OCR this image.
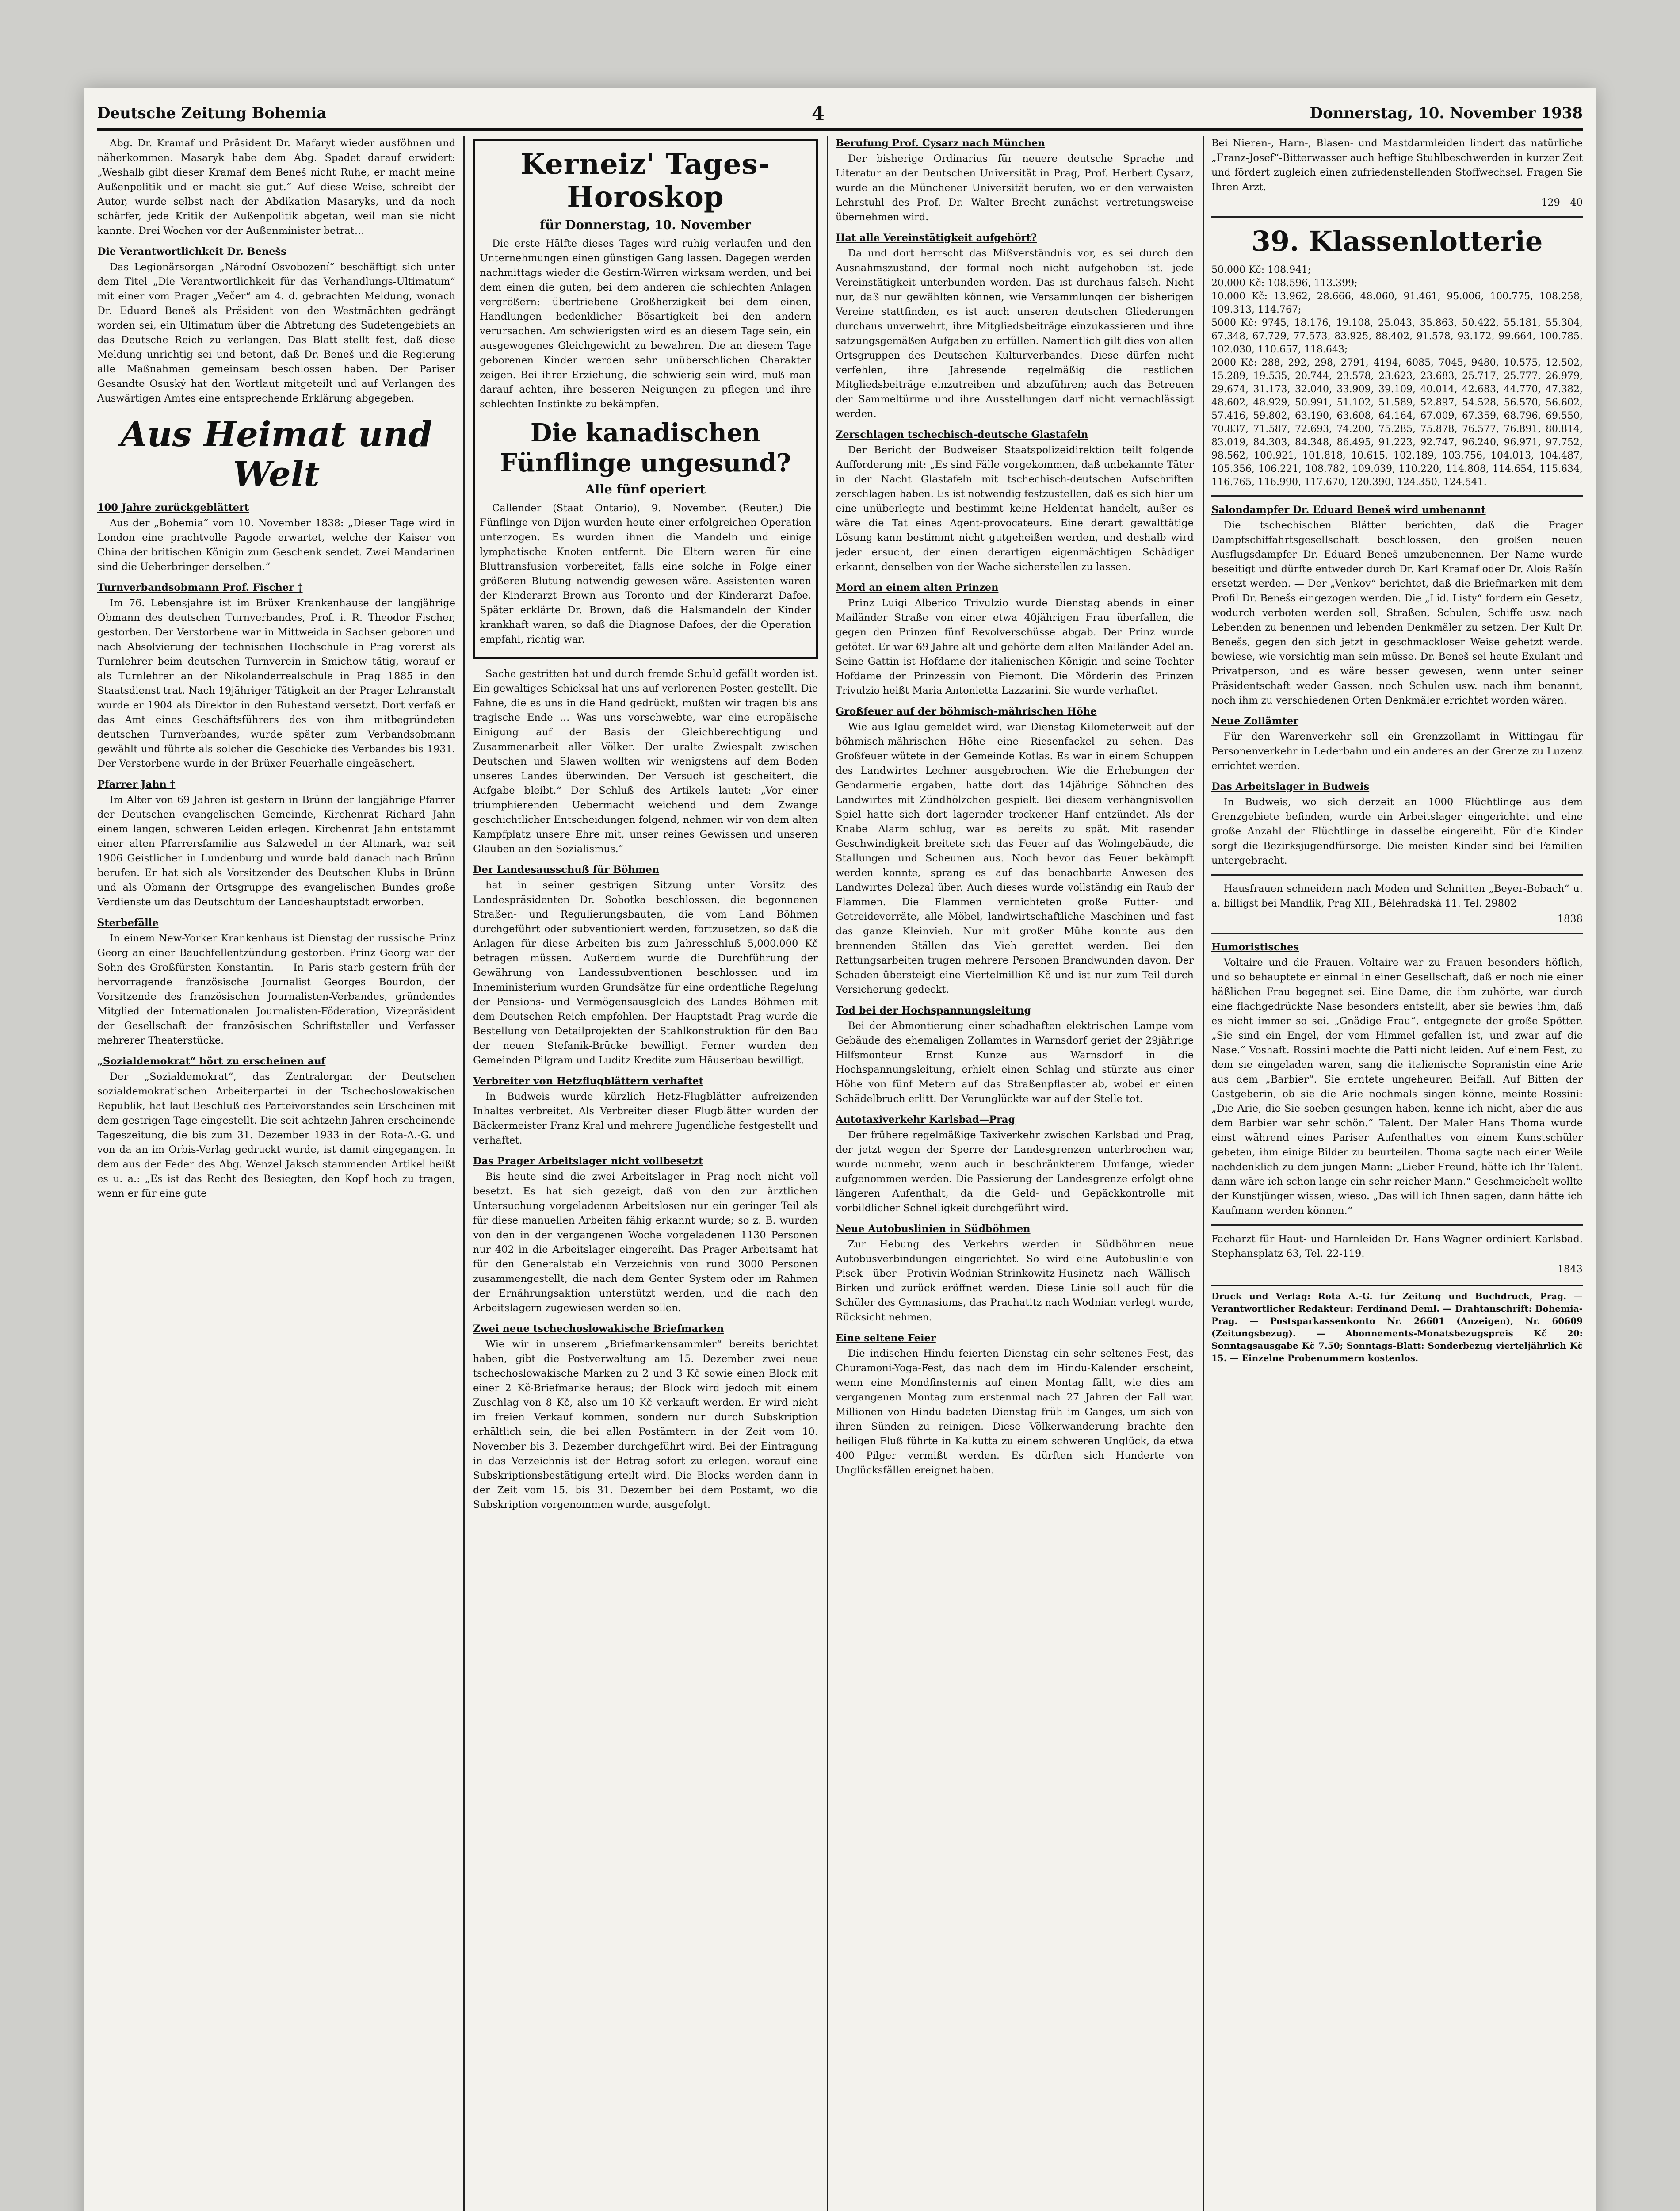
Deutsche Zeitung Bohemia	4	Donnerstag, 10. November 1938

Abg. Dr. Kramaf und Präsident Dr. Mafaryt wieder ausföhnen und näherkommen. Masaryk habe dem Abg. Spadet darauf erwidert: „Weshalb gibt dieser Kramaf dem Beneš nicht Ruhe, er macht meine Außenpolitik und er macht sie gut.“ Auf diese Weise, schreibt der Autor, wurde selbst nach der Abdikation Masaryks, und da noch schärfer, jede Kritik der Außenpolitik abgetan, weil man sie nicht kannte. Drei Wochen vor der Außenminister betrat…

Die Verantwortlichkeit Dr. Benešs

Das Legionärsorgan „Národní Osvobození“ beschäftigt sich unter dem Titel „Die Verantwortlichkeit für das Verhandlungs-Ultimatum“ mit einer vom Prager „Večer“ am 4. d. gebrachten Meldung, wonach Dr. Eduard Beneš als Präsident von den Westmächten gedrängt worden sei, ein Ultimatum über die Abtretung des Sudetengebiets an das Deutsche Reich zu verlangen. Das Blatt stellt fest, daß diese Meldung unrichtig sei und betont, daß Dr. Beneš und die Regierung alle Maßnahmen gemeinsam beschlossen haben. Der Pariser Gesandte Osuský hat den Wortlaut mitgeteilt und auf Verlangen des Auswärtigen Amtes eine entsprechende Erklärung abgegeben.

Aus Heimat und Welt

100 Jahre zurückgeblättert

Aus der „Bohemia“ vom 10. November 1838: „Dieser Tage wird in London eine prachtvolle Pagode erwartet, welche der Kaiser von China der britischen Königin zum Geschenk sendet. Zwei Mandarinen sind die Ueberbringer derselben.“

Turnverbandsobmann Prof. Fischer †

Im 76. Lebensjahre ist im Brüxer Krankenhause der langjährige Obmann des deutschen Turnverbandes, Prof. i. R. Theodor Fischer, gestorben. Der Verstorbene war in Mittweida in Sachsen geboren und nach Absolvierung der technischen Hochschule in Prag vorerst als Turnlehrer beim deutschen Turnverein in Smichow tätig, worauf er als Turnlehrer an der Nikolanderrealschule in Prag 1885 in den Staatsdienst trat. Nach 19jähriger Tätigkeit an der Prager Lehranstalt wurde er 1904 als Direktor in den Ruhestand versetzt. Dort verfaß er das Amt eines Geschäftsführers des von ihm mitbegründeten deutschen Turnverbandes, wurde später zum Verbandsobmann gewählt und führte als solcher die Geschicke des Verbandes bis 1931. Der Verstorbene wurde in der Brüxer Feuerhalle eingeäschert.

Pfarrer Jahn †

Im Alter von 69 Jahren ist gestern in Brünn der langjährige Pfarrer der Deutschen evangelischen Gemeinde, Kirchenrat Richard Jahn einem langen, schweren Leiden erlegen. Kirchenrat Jahn entstammt einer alten Pfarrersfamilie aus Salzwedel in der Altmark, war seit 1906 Geistlicher in Lundenburg und wurde bald danach nach Brünn berufen. Er hat sich als Vorsitzender des Deutschen Klubs in Brünn und als Obmann der Ortsgruppe des evangelischen Bundes große Verdienste um das Deutschtum der Landeshauptstadt erworben.

Sterbefälle

In einem New-Yorker Krankenhaus ist Dienstag der russische Prinz Georg an einer Bauchfellentzündung gestorben. Prinz Georg war der Sohn des Großfürsten Konstantin. — In Paris starb gestern früh der hervorragende französische Journalist Georges Bourdon, der Vorsitzende des französischen Journalisten-Verbandes, gründendes Mitglied der Internationalen Journalisten-Föderation, Vizepräsident der Gesellschaft der französischen Schriftsteller und Verfasser mehrerer Theaterstücke.

„Sozialdemokrat“ hört zu erscheinen auf

Der „Sozialdemokrat“, das Zentralorgan der Deutschen sozialdemokratischen Arbeiterpartei in der Tschechoslowakischen Republik, hat laut Beschluß des Parteivorstandes sein Erscheinen mit dem gestrigen Tage eingestellt. Die seit achtzehn Jahren erscheinende Tageszeitung, die bis zum 31. Dezember 1933 in der Rota-A.-G. und von da an im Orbis-Verlag gedruckt wurde, ist damit eingegangen. In dem aus der Feder des Abg. Wenzel Jaksch stammenden Artikel heißt es u. a.: „Es ist das Recht des Besiegten, den Kopf hoch zu tragen, wenn er für eine gute

Kerneiz' Tages-Horoskop
für Donnerstag, 10. November

Die erste Hälfte dieses Tages wird ruhig verlaufen und den Unternehmungen einen günstigen Gang lassen. Dagegen werden nachmittags wieder die Gestirn-Wirren wirksam werden, und bei dem einen die guten, bei dem anderen die schlechten Anlagen vergrößern: übertriebene Großherzigkeit bei dem einen, Handlungen bedenklicher Bösartigkeit bei den andern verursachen. Am schwierigsten wird es an diesem Tage sein, ein ausgewogenes Gleichgewicht zu bewahren. Die an diesem Tage geborenen Kinder werden sehr unüberschlichen Charakter zeigen. Bei ihrer Erziehung, die schwierig sein wird, muß man darauf achten, ihre besseren Neigungen zu pflegen und ihre schlechten Instinkte zu bekämpfen.

Die kanadischen Fünflinge ungesund?
Alle fünf operiert

Callender (Staat Ontario), 9. November. (Reuter.) Die Fünflinge von Dijon wurden heute einer erfolgreichen Operation unterzogen. Es wurden ihnen die Mandeln und einige lymphatische Knoten entfernt. Die Eltern waren für eine Bluttransfusion vorbereitet, falls eine solche in Folge einer größeren Blutung notwendig gewesen wäre. Assistenten waren der Kinderarzt Brown aus Toronto und der Kinderarzt Dafoe. Später erklärte Dr. Brown, daß die Halsmandeln der Kinder krankhaft waren, so daß die Diagnose Dafoes, der die Operation empfahl, richtig war.

Sache gestritten hat und durch fremde Schuld gefällt worden ist. Ein gewaltiges Schicksal hat uns auf verlorenen Posten gestellt. Die Fahne, die es uns in die Hand gedrückt, mußten wir tragen bis ans tragische Ende … Was uns vorschwebte, war eine europäische Einigung auf der Basis der Gleichberechtigung und Zusammenarbeit aller Völker. Der uralte Zwiespalt zwischen Deutschen und Slawen wollten wir wenigstens auf dem Boden unseres Landes überwinden. Der Versuch ist gescheitert, die Aufgabe bleibt.“ Der Schluß des Artikels lautet: „Vor einer triumphierenden Uebermacht weichend und dem Zwange geschichtlicher Entscheidungen folgend, nehmen wir von dem alten Kampfplatz unsere Ehre mit, unser reines Gewissen und unseren Glauben an den Sozialismus.“

Der Landesausschuß für Böhmen

hat in seiner gestrigen Sitzung unter Vorsitz des Landespräsidenten Dr. Sobotka beschlossen, die begonnenen Straßen- und Regulierungsbauten, die vom Land Böhmen durchgeführt oder subventioniert werden, fortzusetzen, so daß die Anlagen für diese Arbeiten bis zum Jahresschluß 5,000.000 Kč betragen müssen. Außerdem wurde die Durchführung der Gewährung von Landessubventionen beschlossen und im Inneministerium wurden Grundsätze für eine ordentliche Regelung der Pensions- und Vermögensausgleich des Landes Böhmen mit dem Deutschen Reich empfohlen. Der Hauptstadt Prag wurde die Bestellung von Detailprojekten der Stahlkonstruktion für den Bau der neuen Stefanik-Brücke bewilligt. Ferner wurden den Gemeinden Pilgram und Luditz Kredite zum Häuserbau bewilligt.

Verbreiter von Hetzflugblättern verhaftet

In Budweis wurde kürzlich Hetz-Flugblätter aufreizenden Inhaltes verbreitet. Als Verbreiter dieser Flugblätter wurden der Bäckermeister Franz Kral und mehrere Jugendliche festgestellt und verhaftet.

Das Prager Arbeitslager nicht vollbesetzt

Bis heute sind die zwei Arbeitslager in Prag noch nicht voll besetzt. Es hat sich gezeigt, daß von den zur ärztlichen Untersuchung vorgeladenen Arbeitslosen nur ein geringer Teil als für diese manuellen Arbeiten fähig erkannt wurde; so z. B. wurden von den in der vergangenen Woche vorgeladenen 1130 Personen nur 402 in die Arbeitslager eingereiht. Das Prager Arbeitsamt hat für den Generalstab ein Verzeichnis von rund 3000 Personen zusammengestellt, die nach dem Genter System oder im Rahmen der Ernährungsaktion unterstützt werden, und die nach den Arbeitslagern zugewiesen werden sollen.

Zwei neue tschechoslowakische Briefmarken

Wie wir in unserem „Briefmarkensammler“ bereits berichtet haben, gibt die Postverwaltung am 15. Dezember zwei neue tschechoslowakische Marken zu 2 und 3 Kč sowie einen Block mit einer 2 Kč-Briefmarke heraus; der Block wird jedoch mit einem Zuschlag von 8 Kč, also um 10 Kč verkauft werden. Er wird nicht im freien Verkauf kommen, sondern nur durch Subskription erhältlich sein, die bei allen Postämtern in der Zeit vom 10. November bis 3. Dezember durchgeführt wird. Bei der Eintragung in das Verzeichnis ist der Betrag sofort zu erlegen, worauf eine Subskriptionsbestätigung erteilt wird. Die Blocks werden dann in der Zeit vom 15. bis 31. Dezember bei dem Postamt, wo die Subskription vorgenommen wurde, ausgefolgt.

Berufung Prof. Cysarz nach München

Der bisherige Ordinarius für neuere deutsche Sprache und Literatur an der Deutschen Universität in Prag, Prof. Herbert Cysarz, wurde an die Münchener Universität berufen, wo er den verwaisten Lehrstuhl des Prof. Dr. Walter Brecht zunächst vertretungsweise übernehmen wird.

Hat alle Vereinstätigkeit aufgehört?

Da und dort herrscht das Mißverständnis vor, es sei durch den Ausnahmszustand, der formal noch nicht aufgehoben ist, jede Vereinstätigkeit unterbunden worden. Das ist durchaus falsch. Nicht nur, daß nur gewählten können, wie Versammlungen der bisherigen Vereine stattfinden, es ist auch unseren deutschen Gliederungen durchaus unverwehrt, ihre Mitgliedsbeiträge einzukassieren und ihre satzungsgemäßen Aufgaben zu erfüllen. Namentlich gilt dies von allen Ortsgruppen des Deutschen Kulturverbandes. Diese dürfen nicht verfehlen, ihre Jahresende regelmäßig die restlichen Mitgliedsbeiträge einzutreiben und abzuführen; auch das Betreuen der Sammeltürme und ihre Ausstellungen darf nicht vernachlässigt werden.

Zerschlagen tschechisch-deutsche Glastafeln

Der Bericht der Budweiser Staatspolizeidirektion teilt folgende Aufforderung mit: „Es sind Fälle vorgekommen, daß unbekannte Täter in der Nacht Glastafeln mit tschechisch-deutschen Aufschriften zerschlagen haben. Es ist notwendig festzustellen, daß es sich hier um eine unüberlegte und bestimmt keine Heldentat handelt, außer es wäre die Tat eines Agent-provocateurs. Eine derart gewalttätige Lösung kann bestimmt nicht gutgeheißen werden, und deshalb wird jeder ersucht, der einen derartigen eigenmächtigen Schädiger erkannt, denselben von der Wache sicherstellen zu lassen.

Mord an einem alten Prinzen

Prinz Luigi Alberico Trivulzio wurde Dienstag abends in einer Mailänder Straße von einer etwa 40jährigen Frau überfallen, die gegen den Prinzen fünf Revolverschüsse abgab. Der Prinz wurde getötet. Er war 69 Jahre alt und gehörte dem alten Mailänder Adel an. Seine Gattin ist Hofdame der italienischen Königin und seine Tochter Hofdame der Prinzessin von Piemont. Die Mörderin des Prinzen Trivulzio heißt Maria Antonietta Lazzarini. Sie wurde verhaftet.

Großfeuer auf der böhmisch-mährischen Höhe

Wie aus Iglau gemeldet wird, war Dienstag Kilometerweit auf der böhmisch-mährischen Höhe eine Riesenfackel zu sehen. Das Großfeuer wütete in der Gemeinde Kotlas. Es war in einem Schuppen des Landwirtes Lechner ausgebrochen. Wie die Erhebungen der Gendarmerie ergaben, hatte dort das 14jährige Söhnchen des Landwirtes mit Zündhölzchen gespielt. Bei diesem verhängnisvollen Spiel hatte sich dort lagernder trockener Hanf entzündet. Als der Knabe Alarm schlug, war es bereits zu spät. Mit rasender Geschwindigkeit breitete sich das Feuer auf das Wohngebäude, die Stallungen und Scheunen aus. Noch bevor das Feuer bekämpft werden konnte, sprang es auf das benachbarte Anwesen des Landwirtes Dolezal über. Auch dieses wurde vollständig ein Raub der Flammen. Die Flammen vernichteten große Futter- und Getreidevorräte, alle Möbel, landwirtschaftliche Maschinen und fast das ganze Kleinvieh. Nur mit großer Mühe konnte aus den brennenden Ställen das Vieh gerettet werden. Bei den Rettungsarbeiten trugen mehrere Personen Brandwunden davon. Der Schaden übersteigt eine Viertelmillion Kč und ist nur zum Teil durch Versicherung gedeckt.

Tod bei der Hochspannungsleitung

Bei der Abmontierung einer schadhaften elektrischen Lampe vom Gebäude des ehemaligen Zollamtes in Warnsdorf geriet der 29jährige Hilfsmonteur Ernst Kunze aus Warnsdorf in die Hochspannungsleitung, erhielt einen Schlag und stürzte aus einer Höhe von fünf Metern auf das Straßenpflaster ab, wobei er einen Schädelbruch erlitt. Der Verunglückte war auf der Stelle tot.

Autotaxiverkehr Karlsbad—Prag

Der frühere regelmäßige Taxiverkehr zwischen Karlsbad und Prag, der jetzt wegen der Sperre der Landesgrenzen unterbrochen war, wurde nunmehr, wenn auch in beschränkterem Umfange, wieder aufgenommen werden. Die Passierung der Landesgrenze erfolgt ohne längeren Aufenthalt, da die Geld- und Gepäckkontrolle mit vorbildlicher Schnelligkeit durchgeführt wird.

Neue Autobuslinien in Südböhmen

Zur Hebung des Verkehrs werden in Südböhmen neue Autobusverbindungen eingerichtet. So wird eine Autobuslinie von Pisek über Protivin-Wodnian-Strinkowitz-Husinetz nach Wällisch-Birken und zurück eröffnet werden. Diese Linie soll auch für die Schüler des Gymnasiums, das Prachatitz nach Wodnian verlegt wurde, Rücksicht nehmen.

Eine seltene Feier

Die indischen Hindu feierten Dienstag ein sehr seltenes Fest, das Churamoni-Yoga-Fest, das nach dem im Hindu-Kalender erscheint, wenn eine Mondfinsternis auf einen Montag fällt, wie dies am vergangenen Montag zum erstenmal nach 27 Jahren der Fall war. Millionen von Hindu badeten Dienstag früh im Ganges, um sich von ihren Sünden zu reinigen. Diese Völkerwanderung brachte den heiligen Fluß führte in Kalkutta zu einem schweren Unglück, da etwa 400 Pilger vermißt werden. Es dürften sich Hunderte von Unglücksfällen ereignet haben.

Bei Nieren-, Harn-, Blasen- und Mastdarmleiden lindert das natürliche „Franz-Josef“-Bitterwasser auch heftige Stuhlbeschwerden in kurzer Zeit und fördert zugleich einen zufriedenstellenden Stoffwechsel. Fragen Sie Ihren Arzt.

129—40

39. Klassenlotterie

50.000 Kč: 108.941;

20.000 Kč: 108.596, 113.399;

10.000 Kč: 13.962, 28.666, 48.060, 91.461, 95.006, 100.775, 108.258, 109.313, 114.767;

5000 Kč: 9745, 18.176, 19.108, 25.043, 35.863, 50.422, 55.181, 55.304, 67.348, 67.729, 77.573, 83.925, 88.402, 91.578, 93.172, 99.664, 100.785, 102.030, 110.657, 118.643;

2000 Kč: 288, 292, 298, 2791, 4194, 6085, 7045, 9480, 10.575, 12.502, 15.289, 19.535, 20.744, 23.578, 23.623, 23.683, 25.717, 25.777, 26.979, 29.674, 31.173, 32.040, 33.909, 39.109, 40.014, 42.683, 44.770, 47.382, 48.602, 48.929, 50.991, 51.102, 51.589, 52.897, 54.528, 56.570, 56.602, 57.416, 59.802, 63.190, 63.608, 64.164, 67.009, 67.359, 68.796, 69.550, 70.837, 71.587, 72.693, 74.200, 75.285, 75.878, 76.577, 76.891, 80.814, 83.019, 84.303, 84.348, 86.495, 91.223, 92.747, 96.240, 96.971, 97.752, 98.562, 100.921, 101.818, 10.615, 102.189, 103.756, 104.013, 104.487, 105.356, 106.221, 108.782, 109.039, 110.220, 114.808, 114.654, 115.634, 116.765, 116.990, 117.670, 120.390, 124.350, 124.541.

Salondampfer Dr. Eduard Beneš wird umbenannt

Die tschechischen Blätter berichten, daß die Prager Dampfschiffahrtsgesellschaft beschlossen, den großen neuen Ausflugsdampfer Dr. Eduard Beneš umzubenennen. Der Name wurde beseitigt und dürfte entweder durch Dr. Karl Kramaf oder Dr. Alois Rašín ersetzt werden. — Der „Venkov“ berichtet, daß die Briefmarken mit dem Profil Dr. Benešs eingezogen werden. Die „Lid. Listy“ fordern ein Gesetz, wodurch verboten werden soll, Straßen, Schulen, Schiffe usw. nach Lebenden zu benennen und lebenden Denkmäler zu setzen. Der Kult Dr. Benešs, gegen den sich jetzt in geschmackloser Weise gehetzt werde, bewiese, wie vorsichtig man sein müsse. Dr. Beneš sei heute Exulant und Privatperson, und es wäre besser gewesen, wenn unter seiner Präsidentschaft weder Gassen, noch Schulen usw. nach ihm benannt, noch ihm zu verschiedenen Orten Denkmäler errichtet worden wären.

Neue Zollämter

Für den Warenverkehr soll ein Grenzzollamt in Wittingau für Personenverkehr in Lederbahn und ein anderes an der Grenze zu Luzenz errichtet werden.

Das Arbeitslager in Budweis

In Budweis, wo sich derzeit an 1000 Flüchtlinge aus dem Grenzgebiete befinden, wurde ein Arbeitslager eingerichtet und eine große Anzahl der Flüchtlinge in dasselbe eingereiht. Für die Kinder sorgt die Bezirksjugendfürsorge. Die meisten Kinder sind bei Familien untergebracht.

Hausfrauen schneidern nach Moden und Schnitten „Beyer-Bobach“ u. a. billigst bei Mandlik, Prag XII., Bělehradská 11. Tel. 29802

1838

Humoristisches

Voltaire und die Frauen. Voltaire war zu Frauen besonders höflich, und so behauptete er einmal in einer Gesellschaft, daß er noch nie einer häßlichen Frau begegnet sei. Eine Dame, die ihm zuhörte, war durch eine flachgedrückte Nase besonders entstellt, aber sie bewies ihm, daß es nicht immer so sei. „Gnädige Frau“, entgegnete der große Spötter, „Sie sind ein Engel, der vom Himmel gefallen ist, und zwar auf die Nase.“ Voshaft. Rossini mochte die Patti nicht leiden. Auf einem Fest, zu dem sie eingeladen waren, sang die italienische Sopranistin eine Arie aus dem „Barbier“. Sie erntete ungeheuren Beifall. Auf Bitten der Gastgeberin, ob sie die Arie nochmals singen könne, meinte Rossini: „Die Arie, die Sie soeben gesungen haben, kenne ich nicht, aber die aus dem Barbier war sehr schön.“ Talent. Der Maler Hans Thoma wurde einst während eines Pariser Aufenthaltes von einem Kunstschüler gebeten, ihm einige Bilder zu beurteilen. Thoma sagte nach einer Weile nachdenklich zu dem jungen Mann: „Lieber Freund, hätte ich Ihr Talent, dann wäre ich schon lange ein sehr reicher Mann.“ Geschmeichelt wollte der Kunstjünger wissen, wieso. „Das will ich Ihnen sagen, dann hätte ich Kaufmann werden können.“

Facharzt für Haut- und Harnleiden Dr. Hans Wagner ordiniert Karlsbad, Stephansplatz 63, Tel. 22-119.

1843

Druck und Verlag: Rota A.-G. für Zeitung und Buchdruck, Prag. — Verantwortlicher Redakteur: Ferdinand Deml. — Drahtanschrift: Bohemia-Prag. — Postsparkassenkonto Nr. 26601 (Anzeigen), Nr. 60609 (Zeitungsbezug). — Abonnements-Monatsbezugspreis Kč 20: Sonntagsausgabe Kč 7.50; Sonntags-Blatt: Sonderbezug vierteljährlich Kč 15. — Einzelne Probenummern kostenlos.
